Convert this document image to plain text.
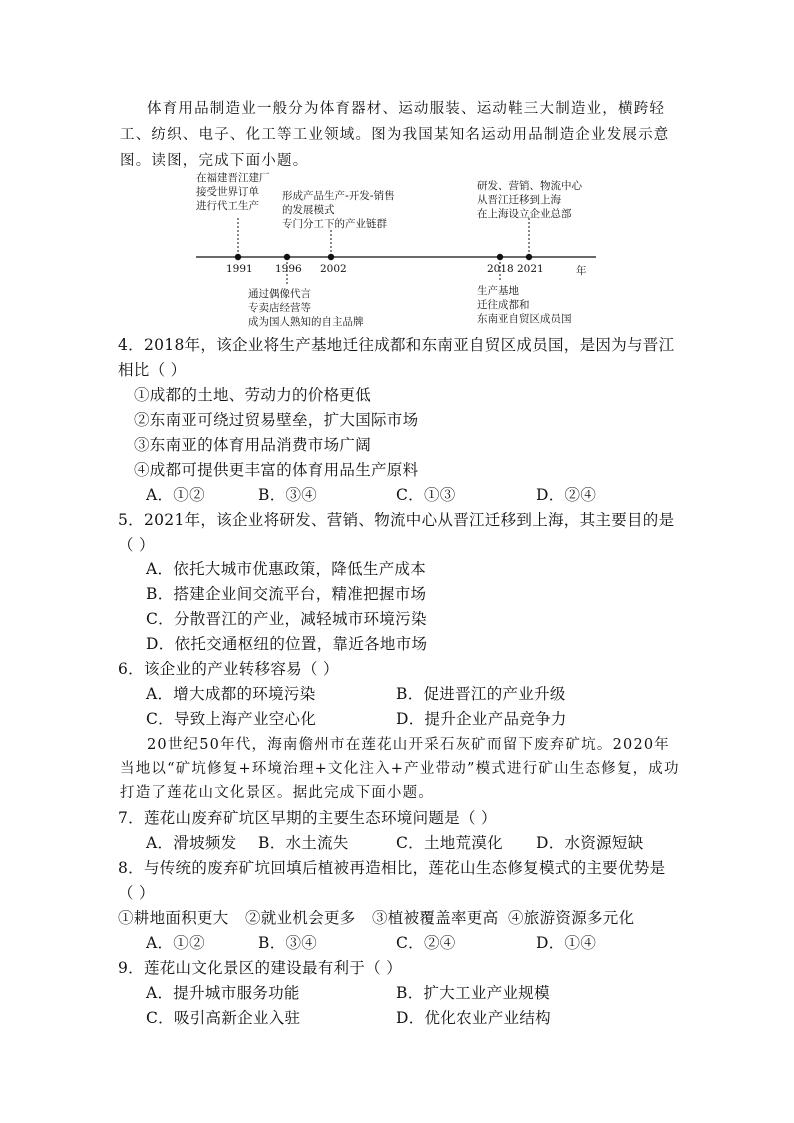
体育用品制造业一般分为体育器材、运动服装、运动鞋三大制造业，横跨轻
工、纺织、电子、化工等工业领域。图为我国某知名运动用品制造企业发展示意
图。读图，完成下面小题。
在福建晋江建厂
接受世界订单
进行代工生产
形成产品生产-开发-销售
的发展模式
专门分工下的产业链群
研发、营销、物流中心
从晋江迁移到上海
在上海设立企业总部
通过偶像代言
专卖店经营等
成为国人熟知的自主品牌
生产基地
迁往成都和
东南亚自贸区成员国
1991 1996 2002	2018 2021	年
4．2018年，该企业将生产基地迁往成都和东南亚自贸区成员国，是因为与晋江
相比（ ）
①成都的土地、劳动力的价格更低
②东南亚可绕过贸易壁垒，扩大国际市场
③东南亚的体育用品消费市场广阔
④成都可提供更丰富的体育用品生产原料
A．①②	B．③④	C．①③	D．②④
5．2021年，该企业将研发、营销、物流中心从晋江迁移到上海，其主要目的是
（ ）
A．依托大城市优惠政策，降低生产成本
B．搭建企业间交流平台，精准把握市场
C．分散晋江的产业，减轻城市环境污染
D．依托交通枢纽的位置，靠近各地市场
6．该企业的产业转移容易（ ）
A．增大成都的环境污染	B．促进晋江的产业升级
C．导致上海产业空心化	D．提升企业产品竞争力
20世纪50年代，海南儋州市在莲花山开采石灰矿而留下废弃矿坑。2020年
当地以“矿坑修复+环境治理+文化注入+产业带动”模式进行矿山生态修复，成功
打造了莲花山文化景区。据此完成下面小题。
7．莲花山废弃矿坑区早期的主要生态环境问题是（ ）
A．滑坡频发 B．水土流失	C．土地荒漠化 D．水资源短缺
8．与传统的废弃矿坑回填后植被再造相比，莲花山生态修复模式的主要优势是
（ ）
①耕地面积更大 ②就业机会更多 ③植被覆盖率更高 ④旅游资源多元化
A．①②	B．③④	C．②④	D．①④
9．莲花山文化景区的建设最有利于（ ）
A．提升城市服务功能	B．扩大工业产业规模
C．吸引高新企业入驻	D．优化农业产业结构
